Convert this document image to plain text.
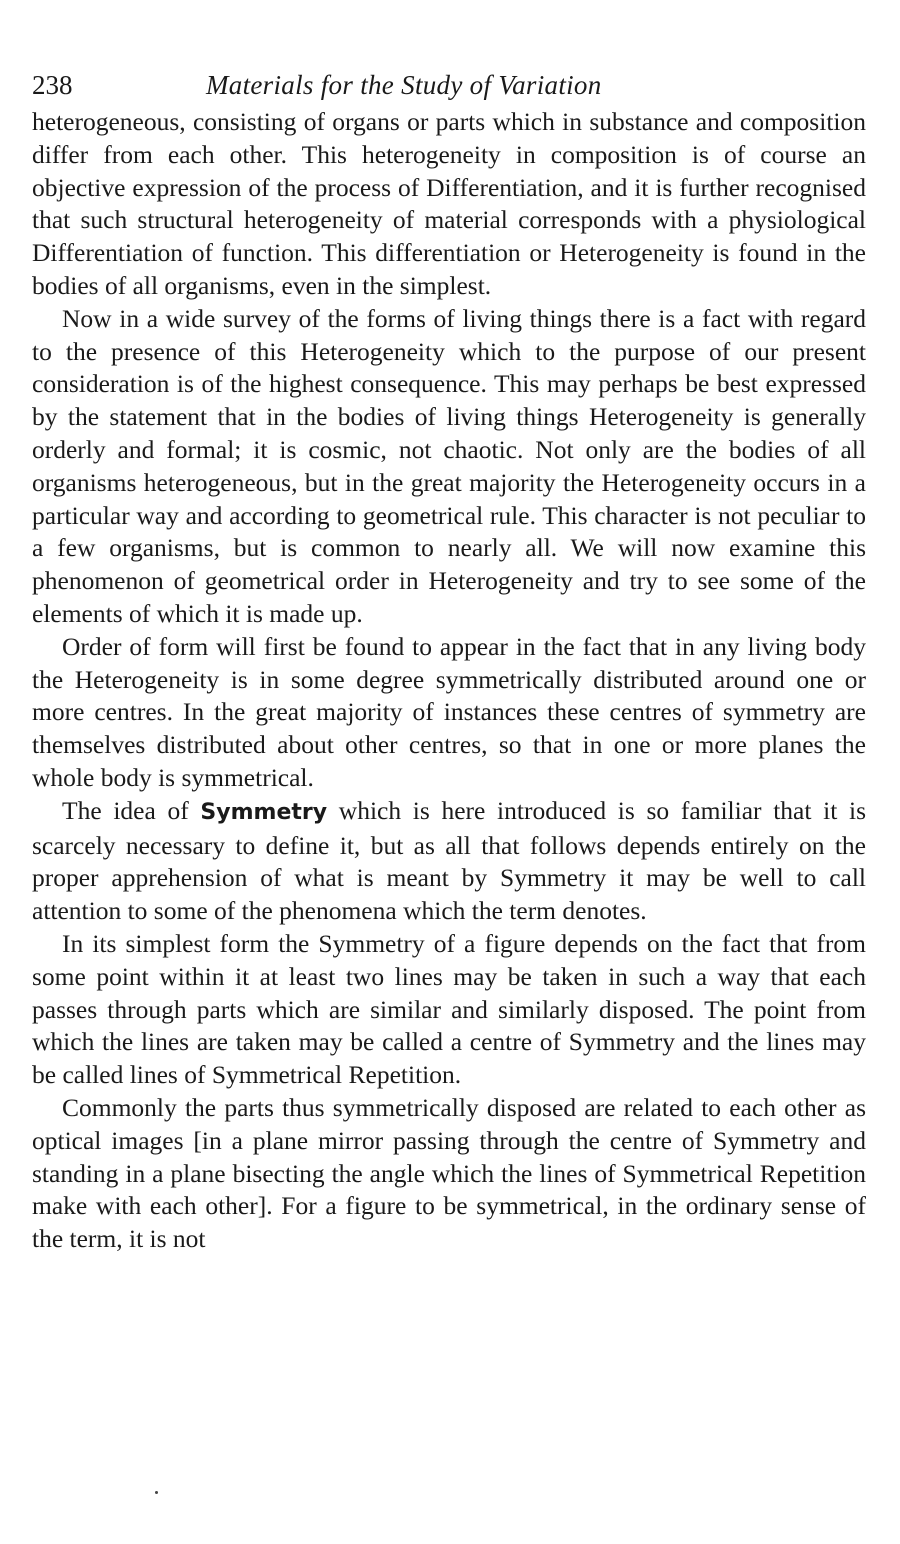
238	Materials for the Study of Variation

heterogeneous, consisting of organs or parts which in substance and composition differ from each other. This heterogeneity in composition is of course an objective expression of the process of Differentiation, and it is further recognised that such structural heterogeneity of material corresponds with a physiological Differentiation of function. This differentiation or Heterogeneity is found in the bodies of all organisms, even in the simplest.

Now in a wide survey of the forms of living things there is a fact with regard to the presence of this Heterogeneity which to the purpose of our present consideration is of the highest consequence. This may perhaps be best expressed by the statement that in the bodies of living things Heterogeneity is generally orderly and formal; it is cosmic, not chaotic. Not only are the bodies of all organisms heterogeneous, but in the great majority the Heterogeneity occurs in a particular way and according to geometrical rule. This character is not peculiar to a few organisms, but is common to nearly all. We will now examine this phenomenon of geometrical order in Heterogeneity and try to see some of the elements of which it is made up.

Order of form will first be found to appear in the fact that in any living body the Heterogeneity is in some degree symmetrically distributed around one or more centres. In the great majority of instances these centres of symmetry are themselves distributed about other centres, so that in one or more planes the whole body is symmetrical.

The idea of Symmetry which is here introduced is so familiar that it is scarcely necessary to define it, but as all that follows depends entirely on the proper apprehension of what is meant by Symmetry it may be well to call attention to some of the phenomena which the term denotes.

In its simplest form the Symmetry of a figure depends on the fact that from some point within it at least two lines may be taken in such a way that each passes through parts which are similar and similarly disposed. The point from which the lines are taken may be called a centre of Symmetry and the lines may be called lines of Symmetrical Repetition.

Commonly the parts thus symmetrically disposed are related to each other as optical images [in a plane mirror passing through the centre of Symmetry and standing in a plane bisecting the angle which the lines of Symmetrical Repetition make with each other]. For a figure to be symmetrical, in the ordinary sense of the term, it is not
